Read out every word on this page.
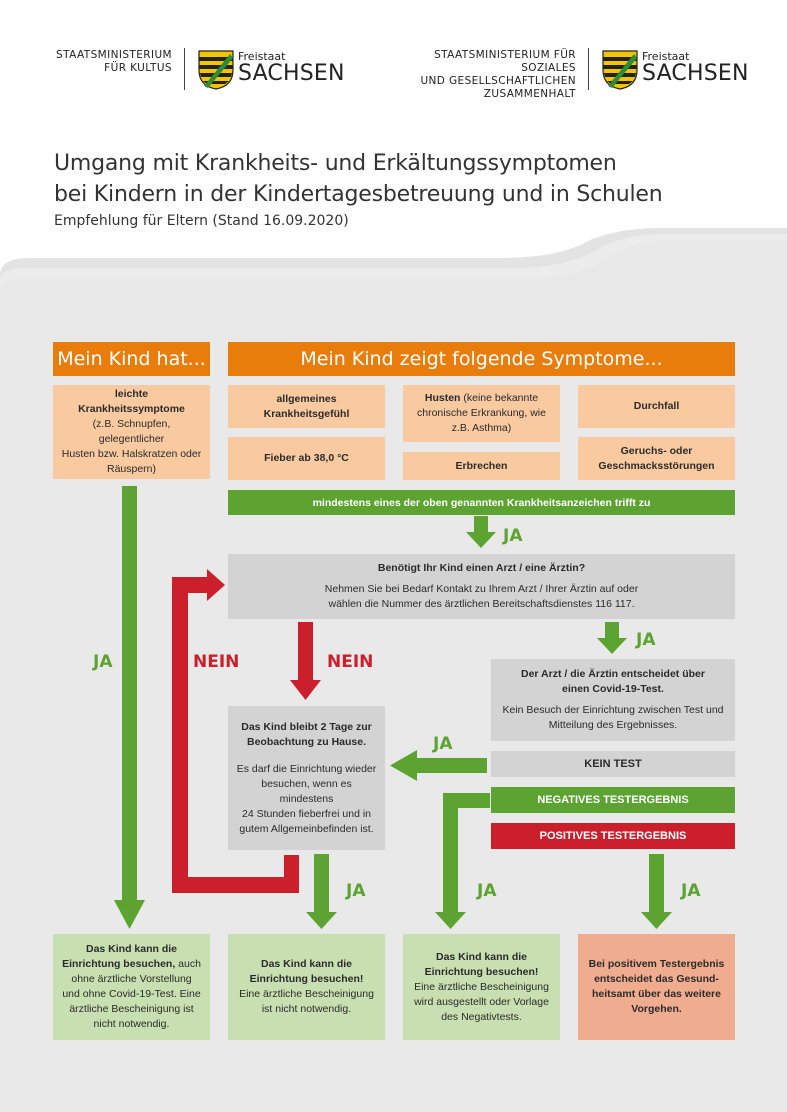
STAATSMINISTERIUM
FÜR KULTUS
Freistaat
SACHSEN
STAATSMINISTERIUM FÜR SOZIALES
UND GESELLSCHAFTLICHEN
ZUSAMMENHALT
Freistaat
SACHSEN
Umgang mit Krankheits- und Erkältungssymptomen
bei Kindern in der Kindertagesbetreuung und in Schulen
Empfehlung für Eltern (Stand 16.09.2020)
Mein Kind hat...	Mein Kind zeigt folgende Symptome...
leichte
Krankheitssymptome
(z.B. Schnupfen, gelegentlicher
Husten bzw. Halskratzen oder
Räuspern)
allgemeines
Krankheitsgefühl
Husten (keine bekannte
chronische Erkrankung, wie
z.B. Asthma)
Durchfall
Fieber ab 38,0 °C
Erbrechen
Geruchs- oder
Geschmacksstörungen
mindestens eines der oben genannten Krankheitsanzeichen trifft zu
Benötigt Ihr Kind einen Arzt / eine Ärztin?
Nehmen Sie bei Bedarf Kontakt zu Ihrem Arzt / Ihrer Ärztin auf oder
wählen die Nummer des ärztlichen Bereitschaftsdienstes 116 117.
Der Arzt / die Ärztin entscheidet über
einen Covid-19-Test.
Kein Besuch der Einrichtung zwischen Test und
Mitteilung des Ergebnisses.
Das Kind bleibt 2 Tage zur
Beobachtung zu Hause.
Es darf die Einrichtung wieder
besuchen, wenn es mindestens
24 Stunden fieberfrei und in
gutem Allgemeinbefinden ist.
KEIN TEST
NEGATIVES TESTERGEBNIS
POSITIVES TESTERGEBNIS
JA
JA
JA
JA
JA	JA	JA
NEIN	NEIN
Das Kind kann die
Einrichtung besuchen, auch
ohne ärztliche Vorstellung
und ohne Covid-19-Test. Eine
ärztliche Bescheinigung ist
nicht notwendig.
Das Kind kann die
Einrichtung besuchen!
Eine ärztliche Bescheinigung
ist nicht notwendig.
Das Kind kann die
Einrichtung besuchen!
Eine ärztliche Bescheinigung
wird ausgestellt oder Vorlage
des Negativtests.
Bei positivem Testergebnis
entscheidet das Gesund-
heitsamt über das weitere
Vorgehen.
